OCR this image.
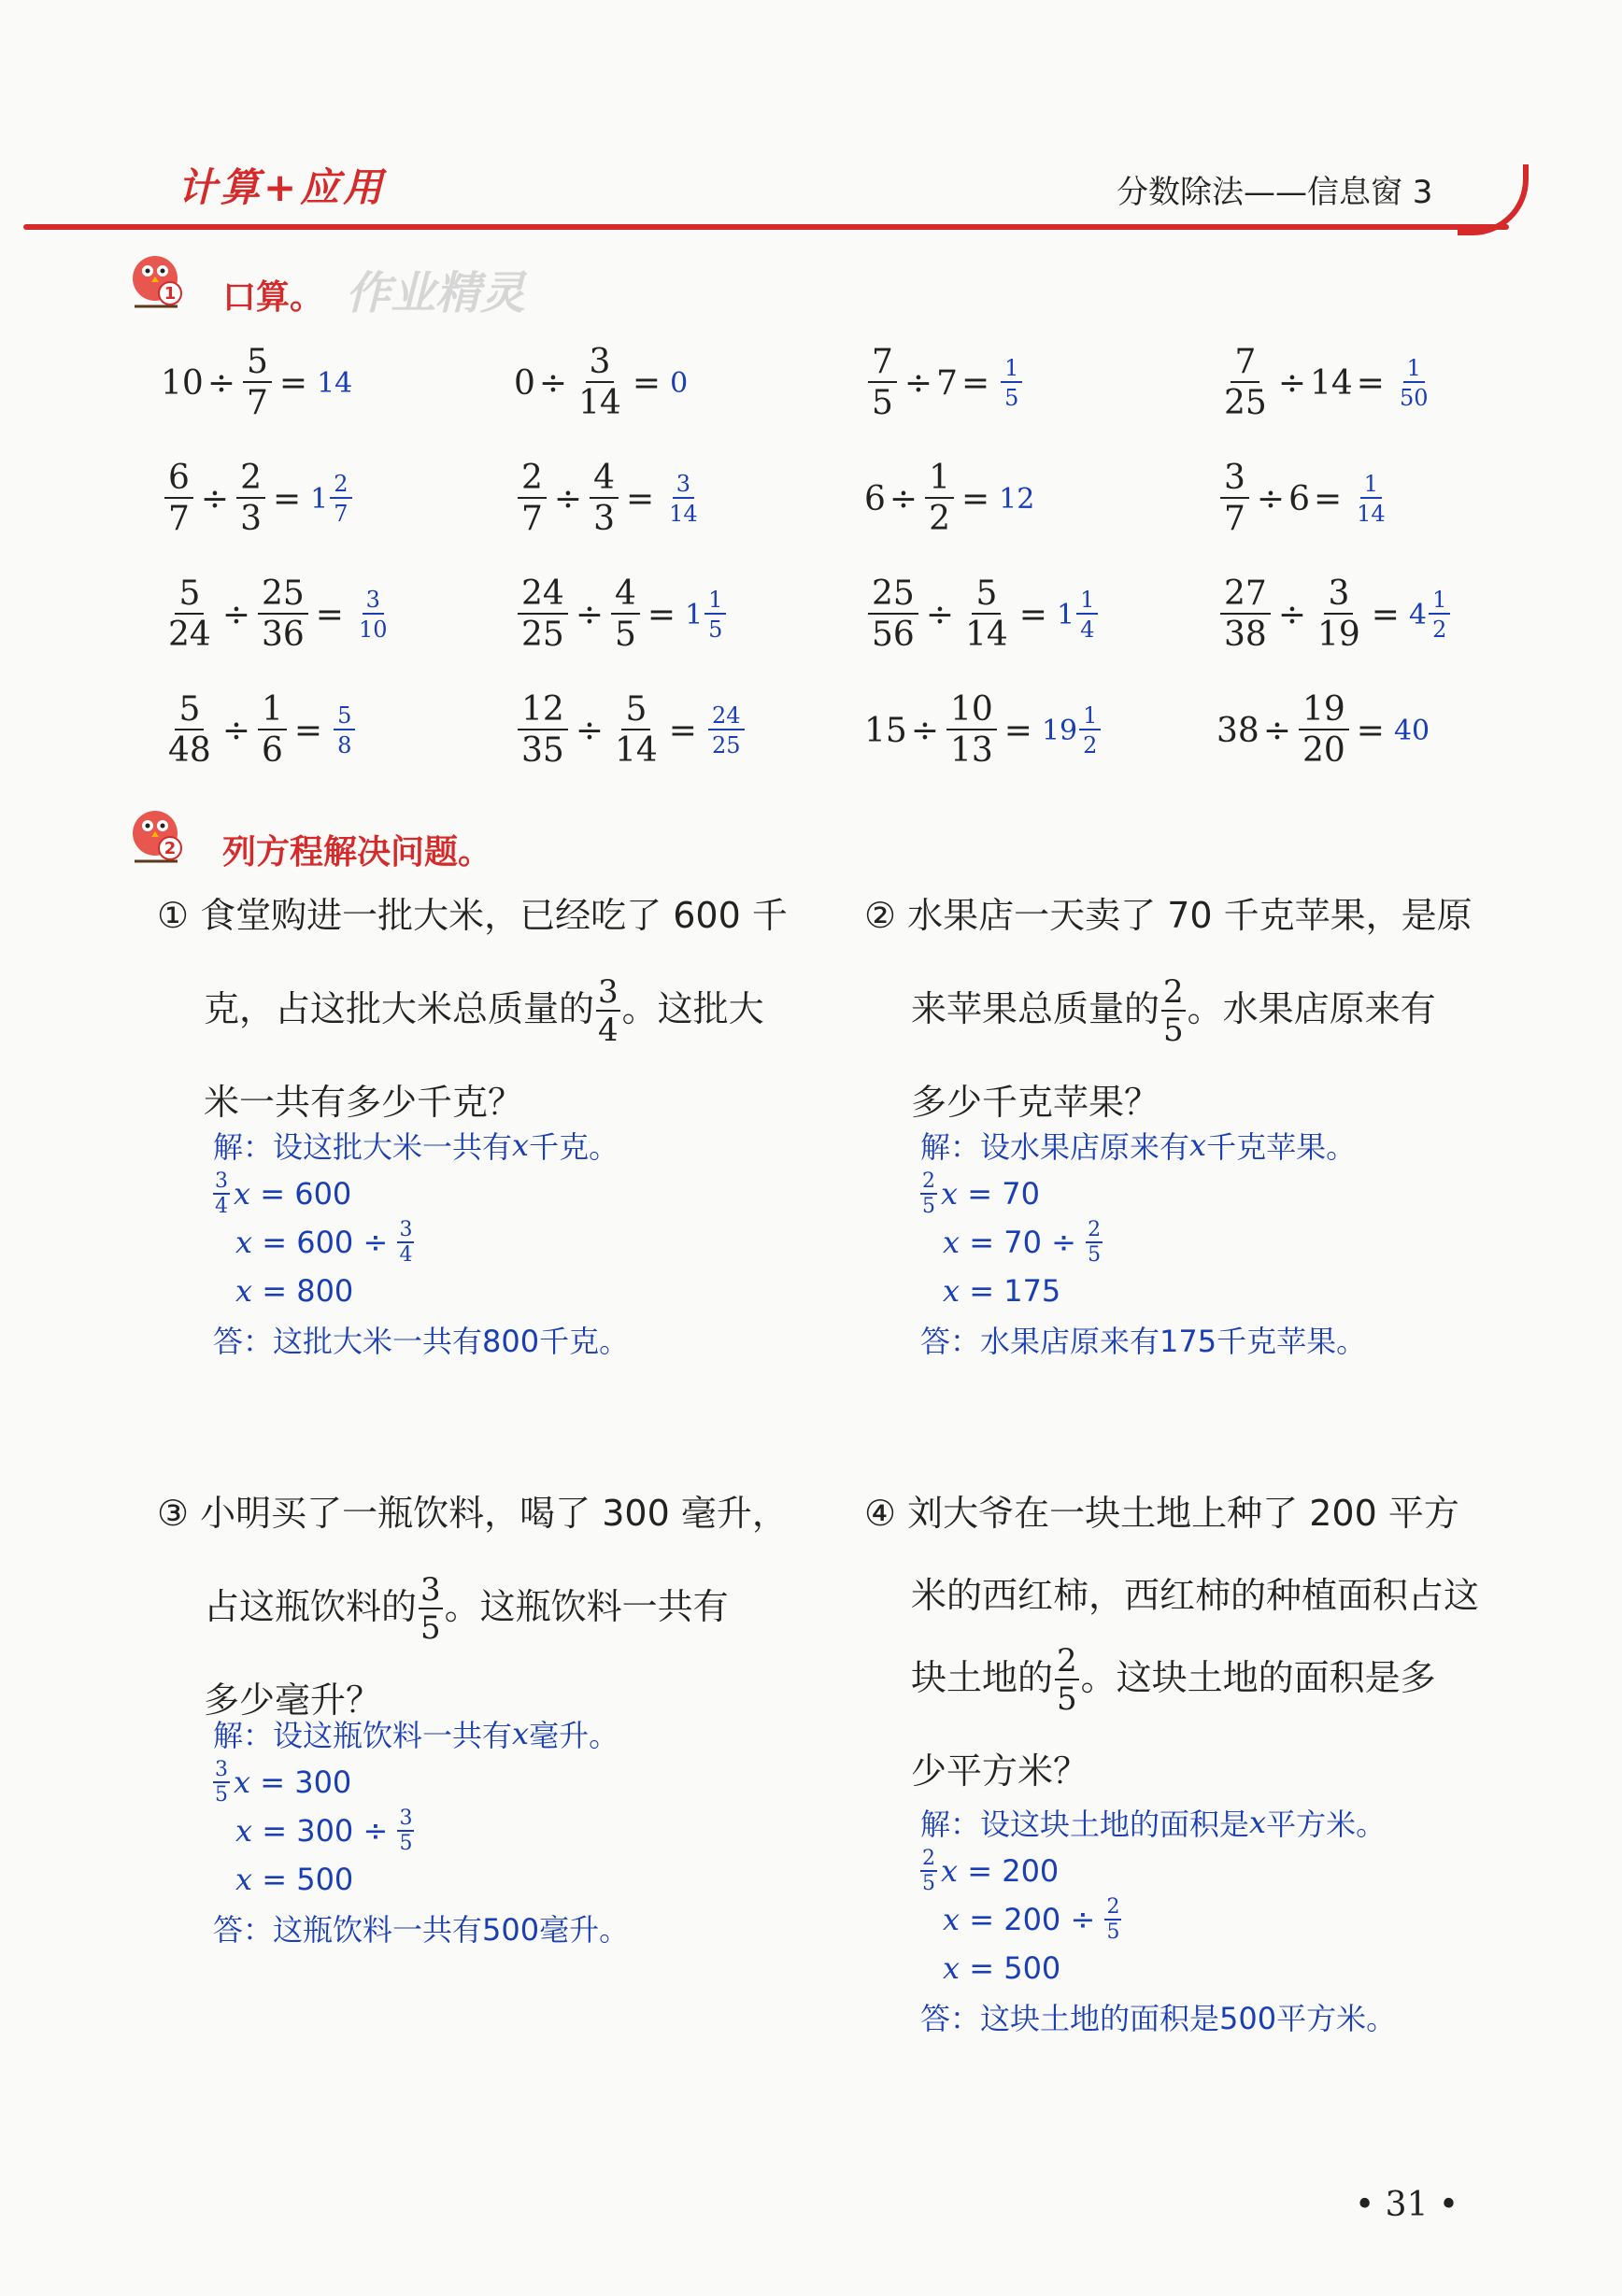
计算+应用	分数除法——信息窗 3
1 口算。 作业精灵
$10 \div \frac{5}{7} = 14$	$0 \div \frac{3}{14} = 0$	$\frac{7}{5} \div 7 = \frac{1}{5}$	$\frac{7}{25} \div 14 = \frac{1}{50}$
$\frac{6}{7} \div \frac{2}{3} = 1 \frac{2}{7}$	$\frac{2}{7} \div \frac{4}{3} = \frac{3}{14}$	$6 \div \frac{1}{2} = 12$	$\frac{3}{7} \div 6 = \frac{1}{14}$
$\frac{5}{24} \div \frac{25}{36} = \frac{3}{10}$	$\frac{24}{25} \div \frac{4}{5} = 1 \frac{1}{5}$	$\frac{25}{56} \div \frac{5}{14} = 1 \frac{1}{4}$	$\frac{27}{38} \div \frac{3}{19} = 4 \frac{1}{2}$
$\frac{5}{48} \div \frac{1}{6} = \frac{5}{8}$	$\frac{12}{35} \div \frac{5}{14} = \frac{24}{25}$	$15 \div \frac{10}{13} = 19 \frac{1}{2}$	$38 \div \frac{19}{20} = 40$
2 列方程解决问题。
① 食堂购进一批大米，已经吃了 600 千
克，占这批大米总质量的 $\frac{3}{4}$ 。这批大
米一共有多少千克？
解：设这批大米一共有 x 千克。
$\frac{3}{4}$ x = 600
$x = 600 \div \frac{3}{4}$
x = 800
答：这批大米一共有800千克。
② 水果店一天卖了 70 千克苹果，是原
来苹果总质量的 $\frac{2}{5}$ 。水果店原来有
多少千克苹果？
解：设水果店原来有 x 千克苹果。
$\frac{2}{5}$ x = 70
$x = 70 \div \frac{2}{5}$
x = 175
答：水果店原来有175千克苹果。
③ 小明买了一瓶饮料，喝了 300 毫升，
占这瓶饮料的 $\frac{3}{5}$ 。这瓶饮料一共有
多少毫升？
解：设这瓶饮料一共有 x 毫升。
$\frac{3}{5}$ x = 300
$x = 300 \div \frac{3}{5}$
x = 500
答：这瓶饮料一共有500毫升。
④ 刘大爷在一块土地上种了 200 平方
米的西红柿，西红柿的种植面积占这
块土地的 $\frac{2}{5}$ 。这块土地的面积是多
少平方米？
解：设这块土地的面积是 x 平方米。
$\frac{2}{5}$ x = 200
$x = 200 \div \frac{2}{5}$
x = 500
答：这块土地的面积是500平方米。
• 31 •
